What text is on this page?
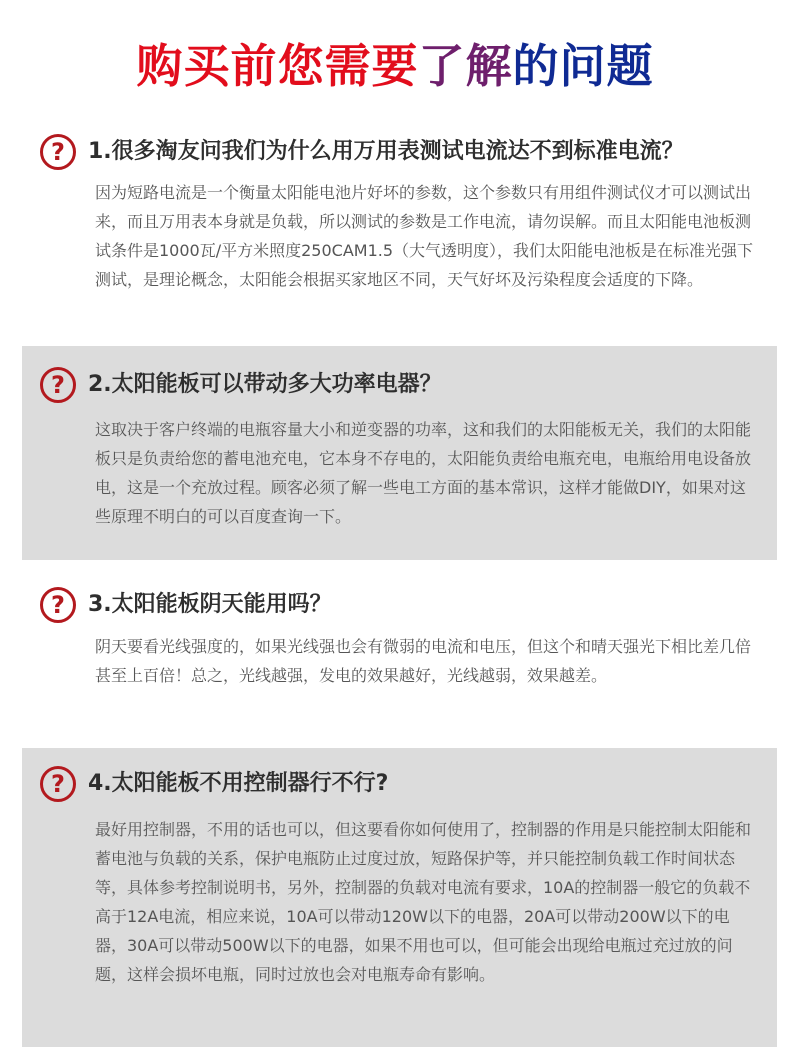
购买前您需要了解的问题
?	1.很多淘友问我们为什么用万用表测试电流达不到标准电流？

因为短路电流是一个衡量太阳能电池片好坏的参数，这个参数只有用组件测试仪才可以测试出来，而且万用表本身就是负载，所以测试的参数是工作电流，请勿误解。而且太阳能电池板测试条件是1000瓦/平方米照度250CAM1.5（大气透明度），我们太阳能电池板是在标准光强下测试，是理论概念，太阳能会根据买家地区不同，天气好坏及污染程度会适度的下降。

?	2.太阳能板可以带动多大功率电器？

这取决于客户终端的电瓶容量大小和逆变器的功率，这和我们的太阳能板无关，我们的太阳能板只是负责给您的蓄电池充电，它本身不存电的，太阳能负责给电瓶充电，电瓶给用电设备放电，这是一个充放过程。顾客必须了解一些电工方面的基本常识，这样才能做DIY，如果对这些原理不明白的可以百度查询一下。

?	3.太阳能板阴天能用吗？

阴天要看光线强度的，如果光线强也会有微弱的电流和电压，但这个和晴天强光下相比差几倍甚至上百倍！总之，光线越强，发电的效果越好，光线越弱，效果越差。

?	4.太阳能板不用控制器行不行?

最好用控制器，不用的话也可以，但这要看你如何使用了，控制器的作用是只能控制太阳能和蓄电池与负载的关系，保护电瓶防止过度过放，短路保护等，并只能控制负载工作时间状态等，具体参考控制说明书，另外，控制器的负载对电流有要求，10A的控制器一般它的负载不高于12A电流，相应来说，10A可以带动120W以下的电器，20A可以带动200W以下的电器，30A可以带动500W以下的电器，如果不用也可以，但可能会出现给电瓶过充过放的问题，这样会损坏电瓶，同时过放也会对电瓶寿命有影响。
